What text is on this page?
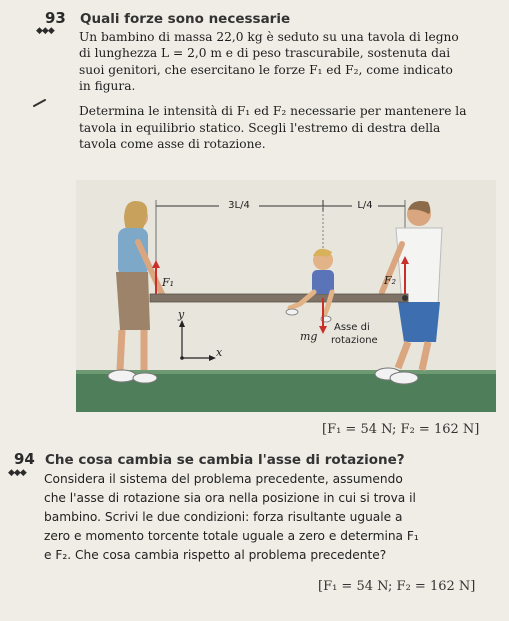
93
◆◆◆
Quali forze sono necessarie
Un bambino di massa 22,0 kg è seduto su una tavola di legno
di lunghezza L = 2,0 m e di peso trascurabile, sostenuta dai
suoi genitori, che esercitano le forze F₁ ed F₂, come indicato
in figura.
Determina le intensità di F₁ ed F₂ necessarie per mantenere la
tavola in equilibrio statico. Scegli l'estremo di destra della
tavola come asse di rotazione.
3L/4	L/4
F₁	F₂
mg
Asse di
rotazione
y
x
[F₁ = 54 N; F₂ = 162 N]
94
◆◆◆
Che cosa cambia se cambia l'asse di rotazione?
Considera il sistema del problema precedente, assumendo
che l'asse di rotazione sia ora nella posizione in cui si trova il
bambino. Scrivi le due condizioni: forza risultante uguale a
zero e momento torcente totale uguale a zero e determina F₁
e F₂. Che cosa cambia rispetto al problema precedente?
[F₁ = 54 N; F₂ = 162 N]
